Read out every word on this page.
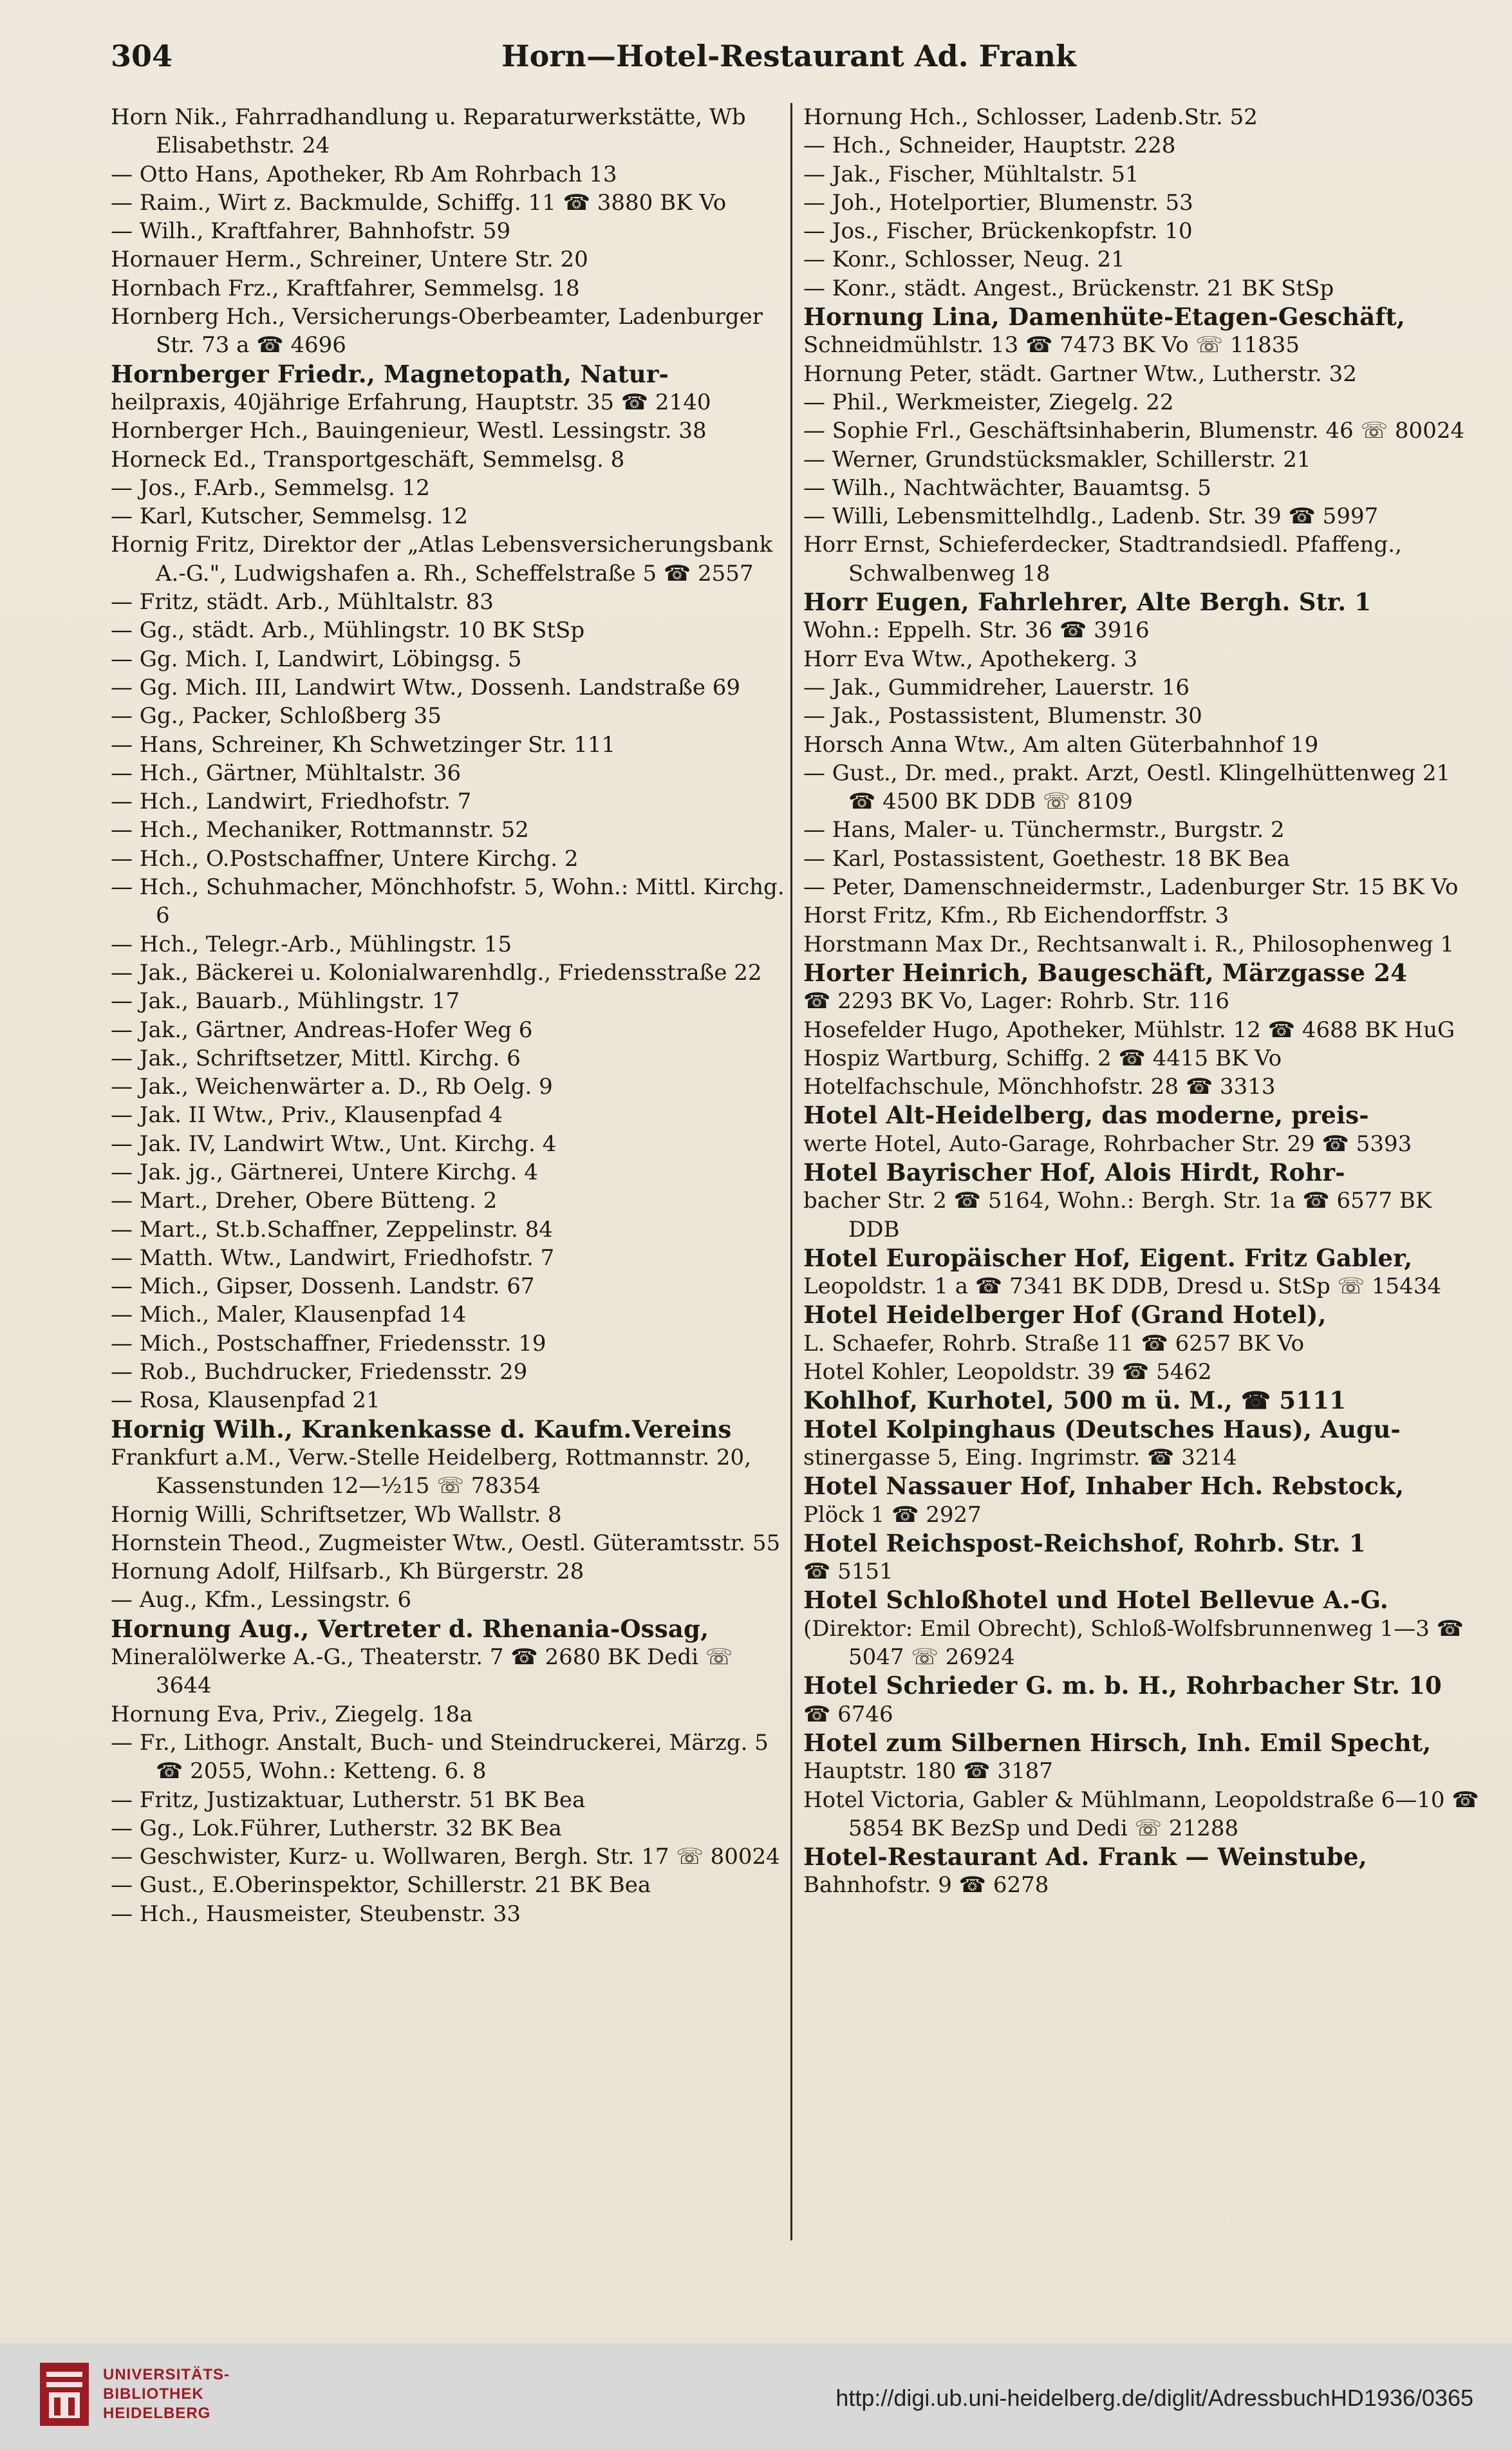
Horn—Hotel-Restaurant Ad. Frank
304

Horn Nik., Fahrradhandlung u. Reparaturwerkstätte, Wb Elisabethstr. 24

— Otto Hans, Apotheker, Rb Am Rohrbach 13

— Raim., Wirt z. Backmulde, Schiffg. 11 ☎ 3880 BK Vo

— Wilh., Kraftfahrer, Bahnhofstr. 59

Hornauer Herm., Schreiner, Untere Str. 20

Hornbach Frz., Kraftfahrer, Semmelsg. 18

Hornberg Hch., Versicherungs-Oberbeamter, Ladenburger Str. 73 a ☎ 4696

Hornberger Friedr., Magnetopath, Natur-

heilpraxis, 40jährige Erfahrung, Hauptstr. 35 ☎ 2140

Hornberger Hch., Bauingenieur, Westl. Lessingstr. 38

Horneck Ed., Transportgeschäft, Semmelsg. 8

— Jos., F.Arb., Semmelsg. 12

— Karl, Kutscher, Semmelsg. 12

Hornig Fritz, Direktor der „Atlas Lebensversicherungsbank A.-G.", Ludwigshafen a. Rh., Scheffelstraße 5 ☎ 2557

— Fritz, städt. Arb., Mühltalstr. 83

— Gg., städt. Arb., Mühlingstr. 10 BK StSp

— Gg. Mich. I, Landwirt, Löbingsg. 5

— Gg. Mich. III, Landwirt Wtw., Dossenh. Landstraße 69

— Gg., Packer, Schloßberg 35

— Hans, Schreiner, Kh Schwetzinger Str. 111

— Hch., Gärtner, Mühltalstr. 36

— Hch., Landwirt, Friedhofstr. 7

— Hch., Mechaniker, Rottmannstr. 52

— Hch., O.Postschaffner, Untere Kirchg. 2

— Hch., Schuhmacher, Mönchhofstr. 5, Wohn.: Mittl. Kirchg. 6

— Hch., Telegr.-Arb., Mühlingstr. 15

— Jak., Bäckerei u. Kolonialwarenhdlg., Friedensstraße 22

— Jak., Bauarb., Mühlingstr. 17

— Jak., Gärtner, Andreas-Hofer Weg 6

— Jak., Schriftsetzer, Mittl. Kirchg. 6

— Jak., Weichenwärter a. D., Rb Oelg. 9

— Jak. II Wtw., Priv., Klausenpfad 4

— Jak. IV, Landwirt Wtw., Unt. Kirchg. 4

— Jak. jg., Gärtnerei, Untere Kirchg. 4

— Mart., Dreher, Obere Bütteng. 2

— Mart., St.b.Schaffner, Zeppelinstr. 84

— Matth. Wtw., Landwirt, Friedhofstr. 7

— Mich., Gipser, Dossenh. Landstr. 67

— Mich., Maler, Klausenpfad 14

— Mich., Postschaffner, Friedensstr. 19

— Rob., Buchdrucker, Friedensstr. 29

— Rosa, Klausenpfad 21

Hornig Wilh., Krankenkasse d. Kaufm.Vereins

Frankfurt a.M., Verw.-Stelle Heidelberg, Rottmannstr. 20, Kassenstunden 12—½15 ☏ 78354

Hornig Willi, Schriftsetzer, Wb Wallstr. 8

Hornstein Theod., Zugmeister Wtw., Oestl. Güteramtsstr. 55

Hornung Adolf, Hilfsarb., Kh Bürgerstr. 28

— Aug., Kfm., Lessingstr. 6

Hornung Aug., Vertreter d. Rhenania-Ossag,

Mineralölwerke A.-G., Theaterstr. 7 ☎ 2680 BK Dedi ☏ 3644

Hornung Eva, Priv., Ziegelg. 18a

— Fr., Lithogr. Anstalt, Buch- und Steindruckerei, Märzg. 5 ☎ 2055, Wohn.: Ketteng. 6. 8

— Fritz, Justizaktuar, Lutherstr. 51 BK Bea

— Gg., Lok.Führer, Lutherstr. 32 BK Bea

— Geschwister, Kurz- u. Wollwaren, Bergh. Str. 17 ☏ 80024

— Gust., E.Oberinspektor, Schillerstr. 21 BK Bea

— Hch., Hausmeister, Steubenstr. 33

Hornung Hch., Schlosser, Ladenb.Str. 52

— Hch., Schneider, Hauptstr. 228

— Jak., Fischer, Mühltalstr. 51

— Joh., Hotelportier, Blumenstr. 53

— Jos., Fischer, Brückenkopfstr. 10

— Konr., Schlosser, Neug. 21

— Konr., städt. Angest., Brückenstr. 21 BK StSp

Hornung Lina, Damenhüte-Etagen-Geschäft,

Schneidmühlstr. 13 ☎ 7473 BK Vo ☏ 11835

Hornung Peter, städt. Gartner Wtw., Lutherstr. 32

— Phil., Werkmeister, Ziegelg. 22

— Sophie Frl., Geschäftsinhaberin, Blumenstr. 46 ☏ 80024

— Werner, Grundstücksmakler, Schillerstr. 21

— Wilh., Nachtwächter, Bauamtsg. 5

— Willi, Lebensmittelhdlg., Ladenb. Str. 39 ☎ 5997

Horr Ernst, Schieferdecker, Stadtrandsiedl. Pfaffeng., Schwalbenweg 18

Horr Eugen, Fahrlehrer, Alte Bergh. Str. 1

Wohn.: Eppelh. Str. 36 ☎ 3916

Horr Eva Wtw., Apothekerg. 3

— Jak., Gummidreher, Lauerstr. 16

— Jak., Postassistent, Blumenstr. 30

Horsch Anna Wtw., Am alten Güterbahnhof 19

— Gust., Dr. med., prakt. Arzt, Oestl. Klingelhüttenweg 21 ☎ 4500 BK DDB ☏ 8109

— Hans, Maler- u. Tünchermstr., Burgstr. 2

— Karl, Postassistent, Goethestr. 18 BK Bea

— Peter, Damenschneidermstr., Ladenburger Str. 15 BK Vo

Horst Fritz, Kfm., Rb Eichendorffstr. 3

Horstmann Max Dr., Rechtsanwalt i. R., Philosophenweg 1

Horter Heinrich, Baugeschäft, Märzgasse 24

☎ 2293 BK Vo, Lager: Rohrb. Str. 116

Hosefelder Hugo, Apotheker, Mühlstr. 12 ☎ 4688 BK HuG

Hospiz Wartburg, Schiffg. 2 ☎ 4415 BK Vo

Hotelfachschule, Mönchhofstr. 28 ☎ 3313

Hotel Alt-Heidelberg, das moderne, preis-

werte Hotel, Auto-Garage, Rohrbacher Str. 29 ☎ 5393

Hotel Bayrischer Hof, Alois Hirdt, Rohr-

bacher Str. 2 ☎ 5164, Wohn.: Bergh. Str. 1a ☎ 6577 BK DDB

Hotel Europäischer Hof, Eigent. Fritz Gabler,

Leopoldstr. 1 a ☎ 7341 BK DDB, Dresd u. StSp ☏ 15434

Hotel Heidelberger Hof (Grand Hotel),

L. Schaefer, Rohrb. Straße 11 ☎ 6257 BK Vo

Hotel Kohler, Leopoldstr. 39 ☎ 5462

Kohlhof, Kurhotel, 500 m ü. M., ☎ 5111

Hotel Kolpinghaus (Deutsches Haus), Augu-

stinergasse 5, Eing. Ingrimstr. ☎ 3214

Hotel Nassauer Hof, Inhaber Hch. Rebstock,

Plöck 1 ☎ 2927

Hotel Reichspost-Reichshof, Rohrb. Str. 1

☎ 5151

Hotel Schloßhotel und Hotel Bellevue A.-G.

(Direktor: Emil Obrecht), Schloß-Wolfsbrunnenweg 1—3 ☎ 5047 ☏ 26924

Hotel Schrieder G. m. b. H., Rohrbacher Str. 10

☎ 6746

Hotel zum Silbernen Hirsch, Inh. Emil Specht,

Hauptstr. 180 ☎ 3187

Hotel Victoria, Gabler & Mühlmann, Leopoldstraße 6—10 ☎ 5854 BK BezSp und Dedi ☏ 21288

Hotel-Restaurant Ad. Frank — Weinstube,

Bahnhofstr. 9 ☎ 6278

UNIVERSITÄTS-
BIBLIOTHEK
HEIDELBERG
http://digi.ub.uni-heidelberg.de/diglit/AdressbuchHD1936/0365
